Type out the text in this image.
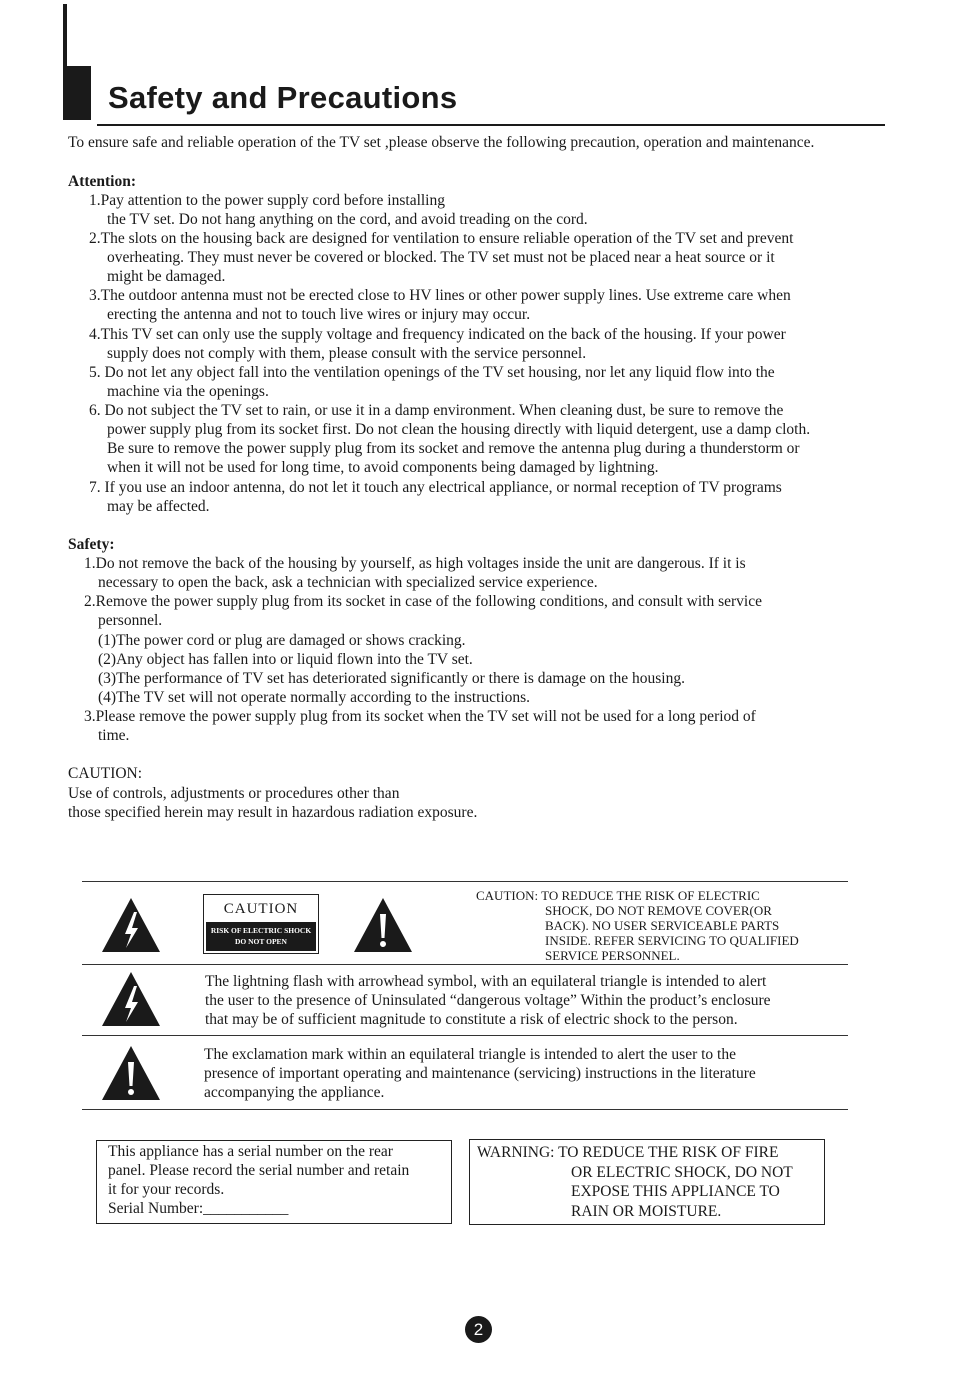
Safety and Precautions
To ensure safe and reliable operation of the TV set ,please observe the following precaution, operation and maintenance.
Attention:
1.Pay attention to the power supply cord before installing
the TV set. Do not hang anything on the cord, and avoid treading on the cord.
2.The slots on the housing back are designed for ventilation to ensure reliable operation of the TV set and prevent
overheating. They must never be covered or blocked. The TV set must not be placed near a heat source or it
might be damaged.
3.The outdoor antenna must not be erected close to HV lines or other power supply lines. Use extreme care when
erecting the antenna and not to touch live wires or injury may occur.
4.This TV set can only use the supply voltage and frequency indicated on the back of the housing. If your power
supply does not comply with them, please consult with the service personnel.
5. Do not let any object fall into the ventilation openings of the TV set housing, nor let any liquid flow into the
machine via the openings.
6. Do not subject the TV set to rain, or use it in a damp environment. When cleaning dust, be sure to remove the
power supply plug from its socket first. Do not clean the housing directly with liquid detergent, use a damp cloth.
Be sure to remove the power supply plug from its socket and remove the antenna plug during a thunderstorm or
when it will not be used for long time, to avoid components being damaged by lightning.
7. If you use an indoor antenna, do not let it touch any electrical appliance, or normal reception of TV programs
may be affected.
Safety:
1.Do not remove the back of the housing by yourself, as high voltages inside the unit are dangerous. If it is
necessary to open the back, ask a technician with specialized service experience.
2.Remove the power supply plug from its socket in case of the following conditions, and consult with service
personnel.
(1)The power cord or plug are damaged or shows cracking.
(2)Any object has fallen into or liquid flown into the TV set.
(3)The performance of TV set has deteriorated significantly or there is damage on the housing.
(4)The TV set will not operate normally according to the instructions.
3.Please remove the power supply plug from its socket when the TV set will not be used for a long period of
time.
CAUTION:
Use of controls, adjustments or procedures other than
those specified herein may result in hazardous radiation exposure.
CAUTION
RISK OF ELECTRIC SHOCK
DO NOT OPEN
CAUTION: TO REDUCE THE RISK OF ELECTRIC
SHOCK, DO NOT REMOVE COVER(OR
BACK). NO USER SERVICEABLE PARTS
INSIDE. REFER SERVICING TO QUALIFIED
SERVICE PERSONNEL.
The lightning flash with arrowhead symbol, with an equilateral triangle is intended to alert
the user to the presence of Uninsulated “dangerous voltage” Within the product’s enclosure
that may be of sufficient magnitude to constitute a risk of electric shock to the person.
The exclamation mark within an equilateral triangle is intended to alert the user to the
presence of important operating and maintenance (servicing) instructions in the literature
accompanying the appliance.
This appliance has a serial number on the rear
panel. Please record the serial number and retain
it for your records.
Serial Number:___________
WARNING: TO REDUCE THE RISK OF FIRE
OR ELECTRIC SHOCK, DO NOT
EXPOSE THIS APPLIANCE TO
RAIN OR MOISTURE.
2
